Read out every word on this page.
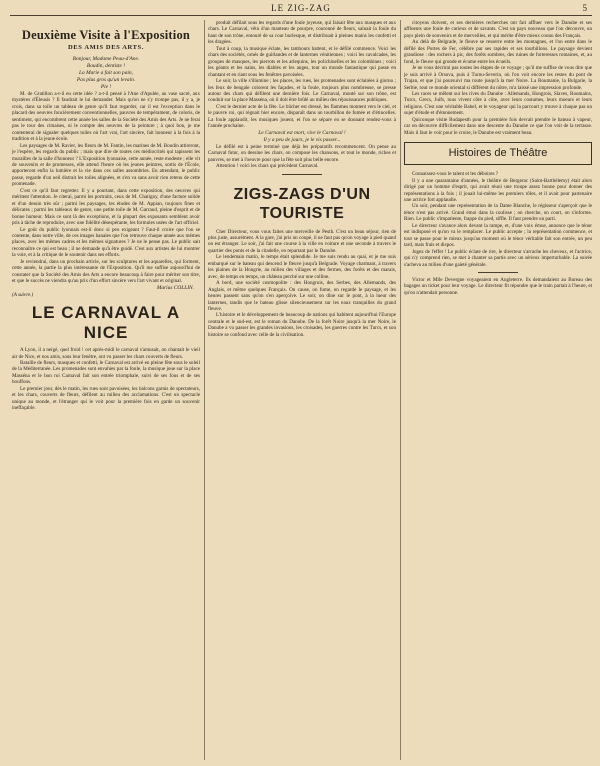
LE ZIG-ZAG	5
Deuxième Visite à l'Exposition
DES AMIS DES ARTS.

Bonjour, Madame Peau-d'Ane.

Boudin, dentiste !

La Marie a fait son pain,

Pas plus gros qu'un levain.

Pie !

M. de Gratillon a-t-il eu cette idée ? a-t-il pensé à l'Ane d'Apulée, au vase sacré, aux mystères d'Éleusis ? Il faudrait le lui demander. Mais qu'on ne s'y trompe pas, il y a, je crois, dans sa toile un tableau de genre qu'il faut regarder, car il est l'exception dans le placard des oeuvres foncièrement conventionnelles, pauvres de tempérament, de coloris, de sentiment, qui encombrent cette année les salles de la Société des Amis des Arts. Je ne ferai pas le tour des cimaises, ni le compte des oeuvres de la peinture ; à quoi bon, je me contenterai de signaler quelques toiles où l'art vrai, l'art sincère, fait honneur à la fois à la tradition et à la jeune école.

Les paysages de M. Ravier, les fleurs de M. Fantin, les marines de M. Boudin attireront, je l'espère, les regards du public ; mais que dire de toutes ces médiocrités qui tapissent les murailles de la salle d'honneur ? L'Exposition lyonnaise, cette année, reste modeste ; elle vit de souvenirs et de promesses, elle attend l'heure où les jeunes peintres, sortis de l'École, apporteront enfin la lumière et la vie dans ces salles assombries. En attendant, le public passe, regarde d'un oeil distrait les toiles alignées, et s'en va sans avoir rien retenu de cette promenade.

C'est ce qu'il faut regretter. Il y a pourtant, dans cette exposition, des oeuvres qui méritent l'attention. Je citerai, parmi les portraits, ceux de M. Chatigny, d'une facture solide et d'un dessin très sûr ; parmi les paysages, les études de M. Appian, toujours fines et délicates ; parmi les tableaux de genre, une petite toile de M. Garraud, pleine d'esprit et de bonne humeur. Mais ce sont là des exceptions, et la plupart des exposants semblent avoir pris à tâche de reproduire, avec une fidélité désespérante, les formules usées de l'art officiel.

Le goût du public lyonnais est-il donc si peu exigeant ? Faut-il croire que l'on se contente, dans notre ville, de ces images banales que l'on retrouve chaque année aux mêmes places, avec les mêmes cadres et les mêmes signatures ? Je ne le pense pas. Le public sait reconnaître ce qui est beau ; il ne demande qu'à être guidé. C'est aux artistes de lui montrer la voie, et à la critique de le soutenir dans ses efforts.

Je reviendrai, dans un prochain article, sur les sculptures et les aquarelles, qui forment, cette année, la partie la plus intéressante de l'Exposition. Qu'il me suffise aujourd'hui de constater que la Société des Amis des Arts a encore beaucoup à faire pour mériter son titre, et que le succès ne viendra qu'au prix d'un effort sincère vers l'art vivant et original.

Marius COLLIN.

(A suivre.)

LE CARNAVAL A NICE

A Lyon, il a neigé, quel froid ! cet après-midi le carnaval s'amusait, on chantait le vieil air de Nice, et nos amis, sous leur fenêtre, ont vu passer les chars couverts de fleurs.

Bataille de fleurs, masques et confetti, le Carnaval est arrivé en pleine fête sous le soleil de la Méditerranée. Les promenades sont envahies par la foule, la musique joue sur la place Masséna et le bon roi Carnaval fait son entrée triomphale, suivi de ses fous et de ses bouffons.

Le premier jour, dès le matin, les rues sont pavoisées, les balcons garnis de spectateurs, et les chars, couverts de fleurs, défilent au milieu des acclamations. C'est un spectacle unique au monde, et l'étranger qui le voit pour la première fois en garde un souvenir ineffaçable.

produit défilait sous les regards d'une foule joyeuse, qui faisait fête aux masques et aux chars. Le Carnaval, vêtu d'un manteau de pourpre, couronné de fleurs, saluait la foule du haut de son trône, entouré de sa cour burlesque, et distribuait à pleines mains les confetti et les dragées.

Tout à coup, la musique éclate, les tambours battent, et le défilé commence. Voici les chars des sociétés, ornés de guirlandes et de lanternes vénitiennes ; voici les cavalcades, les groupes de masques, les pierrots et les arlequins, les polichinelles et les colombines ; voici les géants et les nains, les diables et les anges, tout un monde fantastique qui passe en chantant et en riant sous les fenêtres pavoisées.

Le soir, la ville s'illumine ; les places, les rues, les promenades sont éclairées à giorno ; les feux de bengale colorent les façades, et la foule, toujours plus nombreuse, se presse autour des chars qui défilent une dernière fois. Le Carnaval, monté sur son trône, est conduit sur la place Masséna, où il doit être brûlé au milieu des réjouissances publiques.

C'est le dernier acte de la fête. Le bûcher est dressé, les flammes montent vers le ciel, et le pauvre roi, qui régnait hier encore, disparaît dans un tourbillon de fumée et d'étincelles. La foule applaudit, les musiques jouent, et l'on se sépare en se donnant rendez-vous à l'année prochaine.

Le Carnaval est mort, vive le Carnaval !

Il y a peu de jours, je le vis passer...

Le défilé est à peine terminé que déjà les préparatifs recommencent. On pense au Carnaval futur, on dessine les chars, on compose les chansons, et tout le monde, riches et pauvres, se met à l'oeuvre pour que la fête soit plus belle encore.

Attention ! voici les chars qui précèdent Carnaval.

ZIGS-ZAGS D'UN TOURISTE

Cher Directeur, vous vous faites une merveille de Pesth. C'est un beau séjour, rien de plus juste, assurément. A la gare, j'ai pris un coupé, il ne faut pas qu'on voyage à pied quand on est étranger. Le soir, j'ai fait une course à la ville en voiture et une seconde à travers le quartier des ponts et de la citadelle, en repartant par le Danube.

Le lendemain matin, le temps était splendide. Je me suis rendu au quai, et je me suis embarqué sur le bateau qui descend le fleuve jusqu'à Belgrade. Voyage charmant, à travers les plaines de la Hongrie, au milieu des villages et des fermes, des forêts et des marais, avec, de temps en temps, un château perché sur une colline.

A bord, une société cosmopolite : des Hongrois, des Serbes, des Allemands, des Anglais, et même quelques Français. On cause, on fume, on regarde le paysage, et les heures passent sans qu'on s'en aperçoive. Le soir, on dîne sur le pont, à la lueur des lanternes, tandis que le bateau glisse silencieusement sur les eaux tranquilles du grand fleuve.

L'histoire et le développement de beaucoup de nations qui habitent aujourd'hui l'Europe centrale et le sud-est, est le roman du Danube. De la forêt Noire jusqu'à la mer Noire, le Danube a vu passer les grandes invasions, les croisades, les guerres contre les Turcs, et son histoire se confond avec celle de la civilisation.

citoyens doivent, et ses dernières recherches ont fait affluer vers le Danube et ses affluents une foule de curieux et de savants. C'est un pays nouveau que l'on découvre, un pays plein de souvenirs et de merveilles, et qui mérite d'être mieux connu des Français.

Au delà de Belgrade, le fleuve se resserre entre les montagnes, et l'on entre dans le défilé des Portes de Fer, célèbre par ses rapides et ses tourbillons. Le paysage devient grandiose : des rochers à pic, des forêts sombres, des ruines de forteresses romaines, et, au fond, le fleuve qui gronde et écume entre les écueils.

Je ne vous décrirai pas toutes les étapes de ce voyage ; qu'il me suffise de vous dire que je suis arrivé à Orsova, puis à Turnu-Severin, où l'on voit encore les restes du pont de Trajan, et que j'ai poursuivi ma route jusqu'à la mer Noire. La Roumanie, la Bulgarie, la Serbie, tout ce monde oriental si différent du nôtre, m'a laissé une impression profonde.

Les races se mêlent sur les rives du Danube : Allemands, Hongrois, Slaves, Roumains, Turcs, Grecs, Juifs, tous vivent côte à côte, avec leurs costumes, leurs moeurs et leurs religions. C'est une véritable Babel, et le voyageur qui la parcourt y trouve à chaque pas un sujet d'étude et d'étonnement.

Quiconque visite Budapesth pour la première fois devrait prendre le bateau à vapeur, car on découvre difficilement dans une descente du Danube ce que l'on voit de la terrasse. Mais il faut le voir pour le croire, le Danube est vraiment beau.

Histoires de Théâtre

Connaissez-vous le talent et les déboires ?

Il y a une quarantaine d'années, le théâtre de Bergerac (Saint-Barthélemy) était alors dirigé par un homme d'esprit, qui avait réuni une troupe assez bonne pour donner des représentations à la fois ; il jouait lui-même les premiers rôles, et il avait pour partenaire une actrice fort applaudie.

Un soir, pendant une représentation de la Dame Blanche, le régisseur s'aperçoit que le ténor n'est pas arrivé. Grand émoi dans la coulisse ; on cherche, on court, on s'informe. Rien. Le public s'impatiente, frappe du pied, siffle. Il faut prendre un parti.

Le directeur s'avance alors devant la rampe, et, d'une voix émue, annonce que le ténor est indisposé et qu'on va le remplacer. Le public accepte ; la représentation commence, et tout se passe pour le mieux jusqu'au moment où le ténor véritable fait son entrée, un peu tard, mais frais et dispos.

Jugez de l'effet ! Le public éclate de rire, le directeur s'arrache les cheveux, et l'actrice, qui n'y comprend rien, se met à chanter sa partie avec un sérieux imperturbable. La soirée s'acheva au milieu d'une gaieté générale.

Victor et Mlle Devergne voyageaient en Angleterre. Ils demandaient au Bureau des bagages un ticket pour leur voyage. Le directeur fit répondre que le train partait à l'heure, et qu'on n'attendait personne.
